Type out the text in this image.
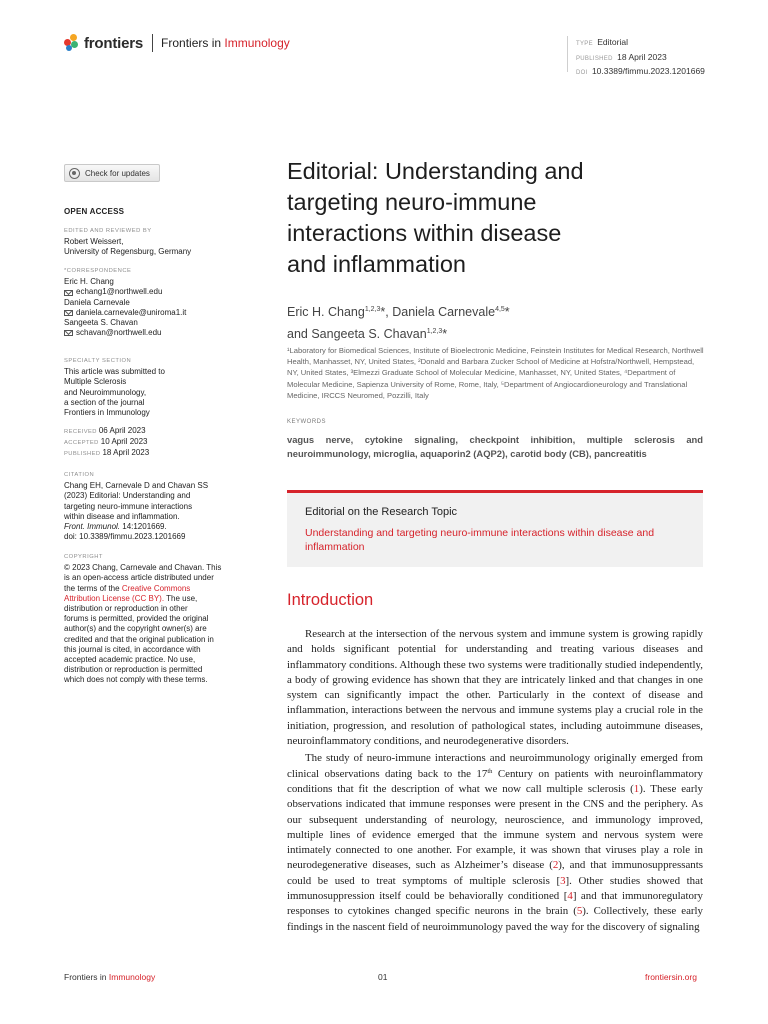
frontiers Frontiers in Immunology	TYPE Editorial
PUBLISHED 18 April 2023
DOI 10.3389/fimmu.2023.1201669
Check for updates
OPEN ACCESS
EDITED AND REVIEWED BY
Robert Weissert,
University of Regensburg, Germany
*CORRESPONDENCE
Eric H. Chang
echang1@northwell.edu
Daniela Carnevale
daniela.carnevale@uniroma1.it
Sangeeta S. Chavan
schavan@northwell.edu
SPECIALTY SECTION
This article was submitted to
Multiple Sclerosis
and Neuroimmunology,
a section of the journal
Frontiers in Immunology
RECEIVED 06 April 2023
ACCEPTED 10 April 2023
PUBLISHED 18 April 2023
CITATION
Chang EH, Carnevale D and Chavan SS
(2023) Editorial: Understanding and
targeting neuro-immune interactions
within disease and inflammation.
Front. Immunol. 14:1201669.
doi: 10.3389/fimmu.2023.1201669
COPYRIGHT
© 2023 Chang, Carnevale and Chavan. This
is an open-access article distributed under
the terms of the Creative Commons
Attribution License (CC BY). The use,
distribution or reproduction in other
forums is permitted, provided the original
author(s) and the copyright owner(s) are
credited and that the original publication in
this journal is cited, in accordance with
accepted academic practice. No use,
distribution or reproduction is permitted
which does not comply with these terms.
Editorial: Understanding and
targeting neuro-immune
interactions within disease
and inflammation
Eric H. Chang$^{1,2,3}$*, Daniela Carnevale$^{4,5}$*
and Sangeeta S. Chavan$^{1,2,3}$*
¹Laboratory for Biomedical Sciences, Institute of Bioelectronic Medicine, Feinstein Institutes for Medical Research, Northwell Health, Manhasset, NY, United States, ²Donald and Barbara Zucker School of Medicine at Hofstra/Northwell, Hempstead, NY, United States, ³Elmezzi Graduate School of Molecular Medicine, Manhasset, NY, United States, ⁴Department of Molecular Medicine, Sapienza University of Rome, Rome, Italy, ⁵Department of Angiocardioneurology and Translational Medicine, IRCCS Neuromed, Pozzilli, Italy
KEYWORDS
vagus nerve, cytokine signaling, checkpoint inhibition, multiple sclerosis and neuroimmunology, microglia, aquaporin2 (AQP2), carotid body (CB), pancreatitis
Editorial on the Research Topic
Understanding and targeting neuro-immune interactions within disease and inflammation
Introduction

Research at the intersection of the nervous system and immune system is growing rapidly and holds significant potential for understanding and treating various diseases and inflammatory conditions. Although these two systems were traditionally studied independently, a body of growing evidence has shown that they are intricately linked and that changes in one system can significantly impact the other. Particularly in the context of disease and inflammation, interactions between the nervous and immune systems play a crucial role in the initiation, progression, and resolution of pathological states, including autoimmune diseases, neuroinflammatory conditions, and neurodegenerative disorders.

The study of neuro-immune interactions and neuroimmunology originally emerged from clinical observations dating back to the 17th Century on patients with neuroinflammatory conditions that fit the description of what we now call multiple sclerosis (1). These early observations indicated that immune responses were present in the CNS and the periphery. As our subsequent understanding of neurology, neuroscience, and immunology improved, multiple lines of evidence emerged that the immune system and nervous system were intimately connected to one another. For example, it was shown that viruses play a role in neurodegenerative diseases, such as Alzheimer’s disease (2), and that immunosuppressants could be used to treat symptoms of multiple sclerosis [3]. Other studies showed that immunosuppression itself could be behaviorally conditioned [4] and that immunoregulatory responses to cytokines changed specific neurons in the brain (5). Collectively, these early findings in the nascent field of neuroimmunology paved the way for the discovery of signaling

Frontiers in Immunology	01	frontiersin.org
